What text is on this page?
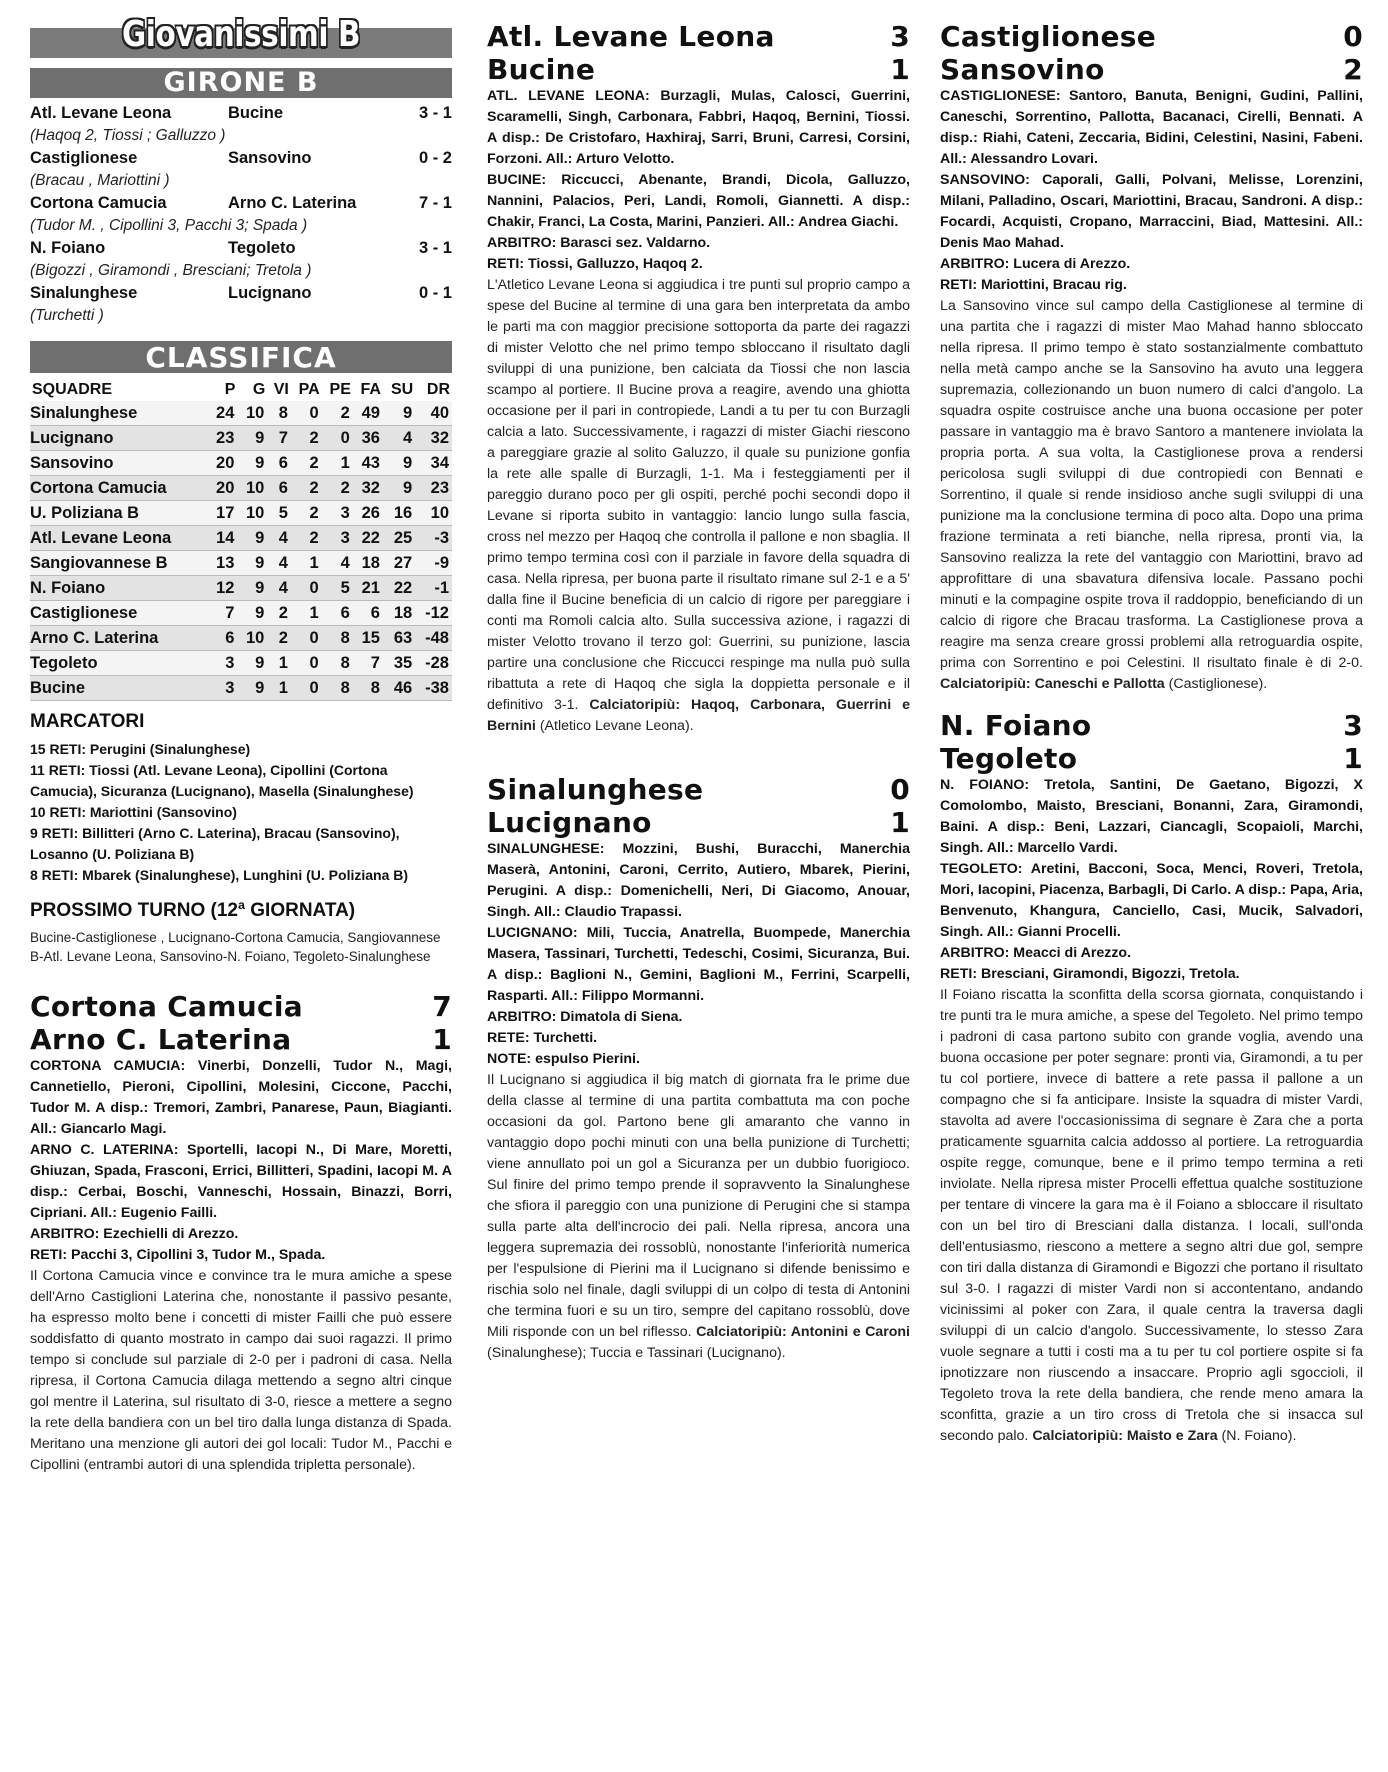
Giovanissimi B
GIRONE B
Atl. Levane Leona	Bucine	3 - 1
(Haqoq 2, Tiossi ; Galluzzo )
Castiglionese	Sansovino	0 - 2
(Bracau , Mariottini )
Cortona Camucia	Arno C. Laterina	7 - 1
(Tudor M. , Cipollini 3, Pacchi 3; Spada )
N. Foiano	Tegoleto	3 - 1
(Bigozzi , Giramondi , Bresciani; Tretola )
Sinalunghese	Lucignano	0 - 1
(Turchetti )
CLASSIFICA
SQUADRE	P	G	VI	PA	PE	FA	SU	DR
Sinalunghese	24	10	8	0	2	49	9	40
Lucignano	23	9	7	2	0	36	4	32
Sansovino	20	9	6	2	1	43	9	34
Cortona Camucia	20	10	6	2	2	32	9	23
U. Poliziana B	17	10	5	2	3	26	16	10
Atl. Levane Leona	14	9	4	2	3	22	25	-3
Sangiovannese B	13	9	4	1	4	18	27	-9
N. Foiano	12	9	4	0	5	21	22	-1
Castiglionese	7	9	2	1	6	6	18	-12
Arno C. Laterina	6	10	2	0	8	15	63	-48
Tegoleto	3	9	1	0	8	7	35	-28
Bucine	3	9	1	0	8	8	46	-38
MARCATORI
15 RETI: Perugini (Sinalunghese)
11 RETI: Tiossi (Atl. Levane Leona), Cipollini (Cortona Camucia), Sicuranza (Lucignano), Masella (Sinalunghese)
10 RETI: Mariottini (Sansovino)
9 RETI: Billitteri (Arno C. Laterina), Bracau (Sansovino), Losanno (U. Poliziana B)
8 RETI: Mbarek (Sinalunghese), Lunghini (U. Poliziana B)
PROSSIMO TURNO (12ª GIORNATA)
Bucine-Castiglionese , Lucignano-Cortona Camucia, Sangiovannese B-Atl. Levane Leona, Sansovino-N. Foiano, Tegoleto-Sinalunghese
Cortona Camucia	7
Arno C. Laterina	1

CORTONA CAMUCIA: Vinerbi, Donzelli, Tudor N., Magi, Cannetiello, Pieroni, Cipollini, Molesini, Ciccone, Pacchi, Tudor M. A disp.: Tremori, Zambri, Panarese, Paun, Biagianti. All.: Giancarlo Magi.

ARNO C. LATERINA: Sportelli, Iacopi N., Di Mare, Moretti, Ghiuzan, Spada, Frasconi, Errici, Billitteri, Spadini, Iacopi M. A disp.: Cerbai, Boschi, Vanneschi, Hossain, Binazzi, Borri, Cipriani. All.: Eugenio Failli.

ARBITRO: Ezechielli di Arezzo.

RETI: Pacchi 3, Cipollini 3, Tudor M., Spada.

Il Cortona Camucia vince e convince tra le mura amiche a spese dell'Arno Castiglioni Laterina che, nonostante il passivo pesante, ha espresso molto bene i concetti di mister Failli che può essere soddisfatto di quanto mostrato in campo dai suoi ragazzi. Il primo tempo si conclude sul parziale di 2-0 per i padroni di casa. Nella ripresa, il Cortona Camucia dilaga mettendo a segno altri cinque gol mentre il Laterina, sul risultato di 3-0, riesce a mettere a segno la rete della bandiera con un bel tiro dalla lunga distanza di Spada. Meritano una menzione gli autori dei gol locali: Tudor M., Pacchi e Cipollini (entrambi autori di una splendida tripletta personale).

Atl. Levane Leona	3
Bucine	1

ATL. LEVANE LEONA: Burzagli, Mulas, Calosci, Guerrini, Scaramelli, Singh, Carbonara, Fabbri, Haqoq, Bernini, Tiossi. A disp.: De Cristofaro, Haxhiraj, Sarri, Bruni, Carresi, Corsini, Forzoni. All.: Arturo Velotto.

BUCINE: Riccucci, Abenante, Brandi, Dicola, Galluzzo, Nannini, Palacios, Peri, Landi, Romoli, Giannetti. A disp.: Chakir, Franci, La Costa, Marini, Panzieri. All.: Andrea Giachi.

ARBITRO: Barasci sez. Valdarno.

RETI: Tiossi, Galluzzo, Haqoq 2.

L'Atletico Levane Leona si aggiudica i tre punti sul proprio campo a spese del Bucine al termine di una gara ben interpretata da ambo le parti ma con maggior precisione sottoporta da parte dei ragazzi di mister Velotto che nel primo tempo sbloccano il risultato dagli sviluppi di una punizione, ben calciata da Tiossi che non lascia scampo al portiere. Il Bucine prova a reagire, avendo una ghiotta occasione per il pari in contropiede, Landi a tu per tu con Burzagli calcia a lato. Successivamente, i ragazzi di mister Giachi riescono a pareggiare grazie al solito Galuzzo, il quale su punizione gonfia la rete alle spalle di Burzagli, 1-1. Ma i festeggiamenti per il pareggio durano poco per gli ospiti, perché pochi secondi dopo il Levane si riporta subito in vantaggio: lancio lungo sulla fascia, cross nel mezzo per Haqoq che controlla il pallone e non sbaglia. Il primo tempo termina così con il parziale in favore della squadra di casa. Nella ripresa, per buona parte il risultato rimane sul 2-1 e a 5' dalla fine il Bucine beneficia di un calcio di rigore per pareggiare i conti ma Romoli calcia alto. Sulla successiva azione, i ragazzi di mister Velotto trovano il terzo gol: Guerrini, su punizione, lascia partire una conclusione che Riccucci respinge ma nulla può sulla ribattuta a rete di Haqoq che sigla la doppietta personale e il definitivo 3-1. Calciatoripiù: Haqoq, Carbonara, Guerrini e Bernini (Atletico Levane Leona).

Sinalunghese	0
Lucignano	1

SINALUNGHESE: Mozzini, Bushi, Buracchi, Manerchia Maserà, Antonini, Caroni, Cerrito, Autiero, Mbarek, Pierini, Perugini. A disp.: Domenichelli, Neri, Di Giacomo, Anouar, Singh. All.: Claudio Trapassi.

LUCIGNANO: Mili, Tuccia, Anatrella, Buompede, Manerchia Masera, Tassinari, Turchetti, Tedeschi, Cosimi, Sicuranza, Bui. A disp.: Baglioni N., Gemini, Baglioni M., Ferrini, Scarpelli, Rasparti. All.: Filippo Mormanni.

ARBITRO: Dimatola di Siena.

RETE: Turchetti.

NOTE: espulso Pierini.

Il Lucignano si aggiudica il big match di giornata fra le prime due della classe al termine di una partita combattuta ma con poche occasioni da gol. Partono bene gli amaranto che vanno in vantaggio dopo pochi minuti con una bella punizione di Turchetti; viene annullato poi un gol a Sicuranza per un dubbio fuorigioco. Sul finire del primo tempo prende il sopravvento la Sinalunghese che sfiora il pareggio con una punizione di Perugini che si stampa sulla parte alta dell'incrocio dei pali. Nella ripresa, ancora una leggera supremazia dei rossoblù, nonostante l'inferiorità numerica per l'espulsione di Pierini ma il Lucignano si difende benissimo e rischia solo nel finale, dagli sviluppi di un colpo di testa di Antonini che termina fuori e su un tiro, sempre del capitano rossoblù, dove Mili risponde con un bel riflesso. Calciatoripiù: Antonini e Caroni (Sinalunghese); Tuccia e Tassinari (Lucignano).

Castiglionese	0
Sansovino	2

CASTIGLIONESE: Santoro, Banuta, Benigni, Gudini, Pallini, Caneschi, Sorrentino, Pallotta, Bacanaci, Cirelli, Bennati. A disp.: Riahi, Cateni, Zeccaria, Bidini, Celestini, Nasini, Fabeni. All.: Alessandro Lovari.

SANSOVINO: Caporali, Galli, Polvani, Melisse, Lorenzini, Milani, Palladino, Oscari, Mariottini, Bracau, Sandroni. A disp.: Focardi, Acquisti, Cropano, Marraccini, Biad, Mattesini. All.: Denis Mao Mahad.

ARBITRO: Lucera di Arezzo.

RETI: Mariottini, Bracau rig.

La Sansovino vince sul campo della Castiglionese al termine di una partita che i ragazzi di mister Mao Mahad hanno sbloccato nella ripresa. Il primo tempo è stato sostanzialmente combattuto nella metà campo anche se la Sansovino ha avuto una leggera supremazia, collezionando un buon numero di calci d'angolo. La squadra ospite costruisce anche una buona occasione per poter passare in vantaggio ma è bravo Santoro a mantenere inviolata la propria porta. A sua volta, la Castiglionese prova a rendersi pericolosa sugli sviluppi di due contropiedi con Bennati e Sorrentino, il quale si rende insidioso anche sugli sviluppi di una punizione ma la conclusione termina di poco alta. Dopo una prima frazione terminata a reti bianche, nella ripresa, pronti via, la Sansovino realizza la rete del vantaggio con Mariottini, bravo ad approfittare di una sbavatura difensiva locale. Passano pochi minuti e la compagine ospite trova il raddoppio, beneficiando di un calcio di rigore che Bracau trasforma. La Castiglionese prova a reagire ma senza creare grossi problemi alla retroguardia ospite, prima con Sorrentino e poi Celestini. Il risultato finale è di 2-0. Calciatoripiù: Caneschi e Pallotta (Castiglionese).

N. Foiano	3
Tegoleto	1

N. FOIANO: Tretola, Santini, De Gaetano, Bigozzi, X Comolombo, Maisto, Bresciani, Bonanni, Zara, Giramondi, Baini. A disp.: Beni, Lazzari, Ciancagli, Scopaioli, Marchi, Singh. All.: Marcello Vardi.

TEGOLETO: Aretini, Bacconi, Soca, Menci, Roveri, Tretola, Mori, Iacopini, Piacenza, Barbagli, Di Carlo. A disp.: Papa, Aria, Benvenuto, Khangura, Canciello, Casi, Mucik, Salvadori, Singh. All.: Gianni Procelli.

ARBITRO: Meacci di Arezzo.

RETI: Bresciani, Giramondi, Bigozzi, Tretola.

Il Foiano riscatta la sconfitta della scorsa giornata, conquistando i tre punti tra le mura amiche, a spese del Tegoleto. Nel primo tempo i padroni di casa partono subito con grande voglia, avendo una buona occasione per poter segnare: pronti via, Giramondi, a tu per tu col portiere, invece di battere a rete passa il pallone a un compagno che si fa anticipare. Insiste la squadra di mister Vardi, stavolta ad avere l'occasionissima di segnare è Zara che a porta praticamente sguarnita calcia addosso al portiere. La retroguardia ospite regge, comunque, bene e il primo tempo termina a reti inviolate. Nella ripresa mister Procelli effettua qualche sostituzione per tentare di vincere la gara ma è il Foiano a sbloccare il risultato con un bel tiro di Bresciani dalla distanza. I locali, sull'onda dell'entusiasmo, riescono a mettere a segno altri due gol, sempre con tiri dalla distanza di Giramondi e Bigozzi che portano il risultato sul 3-0. I ragazzi di mister Vardi non si accontentano, andando vicinissimi al poker con Zara, il quale centra la traversa dagli sviluppi di un calcio d'angolo. Successivamente, lo stesso Zara vuole segnare a tutti i costi ma a tu per tu col portiere ospite si fa ipnotizzare non riuscendo a insaccare. Proprio agli sgoccioli, il Tegoleto trova la rete della bandiera, che rende meno amara la sconfitta, grazie a un tiro cross di Tretola che si insacca sul secondo palo. Calciatoripiù: Maisto e Zara (N. Foiano).
